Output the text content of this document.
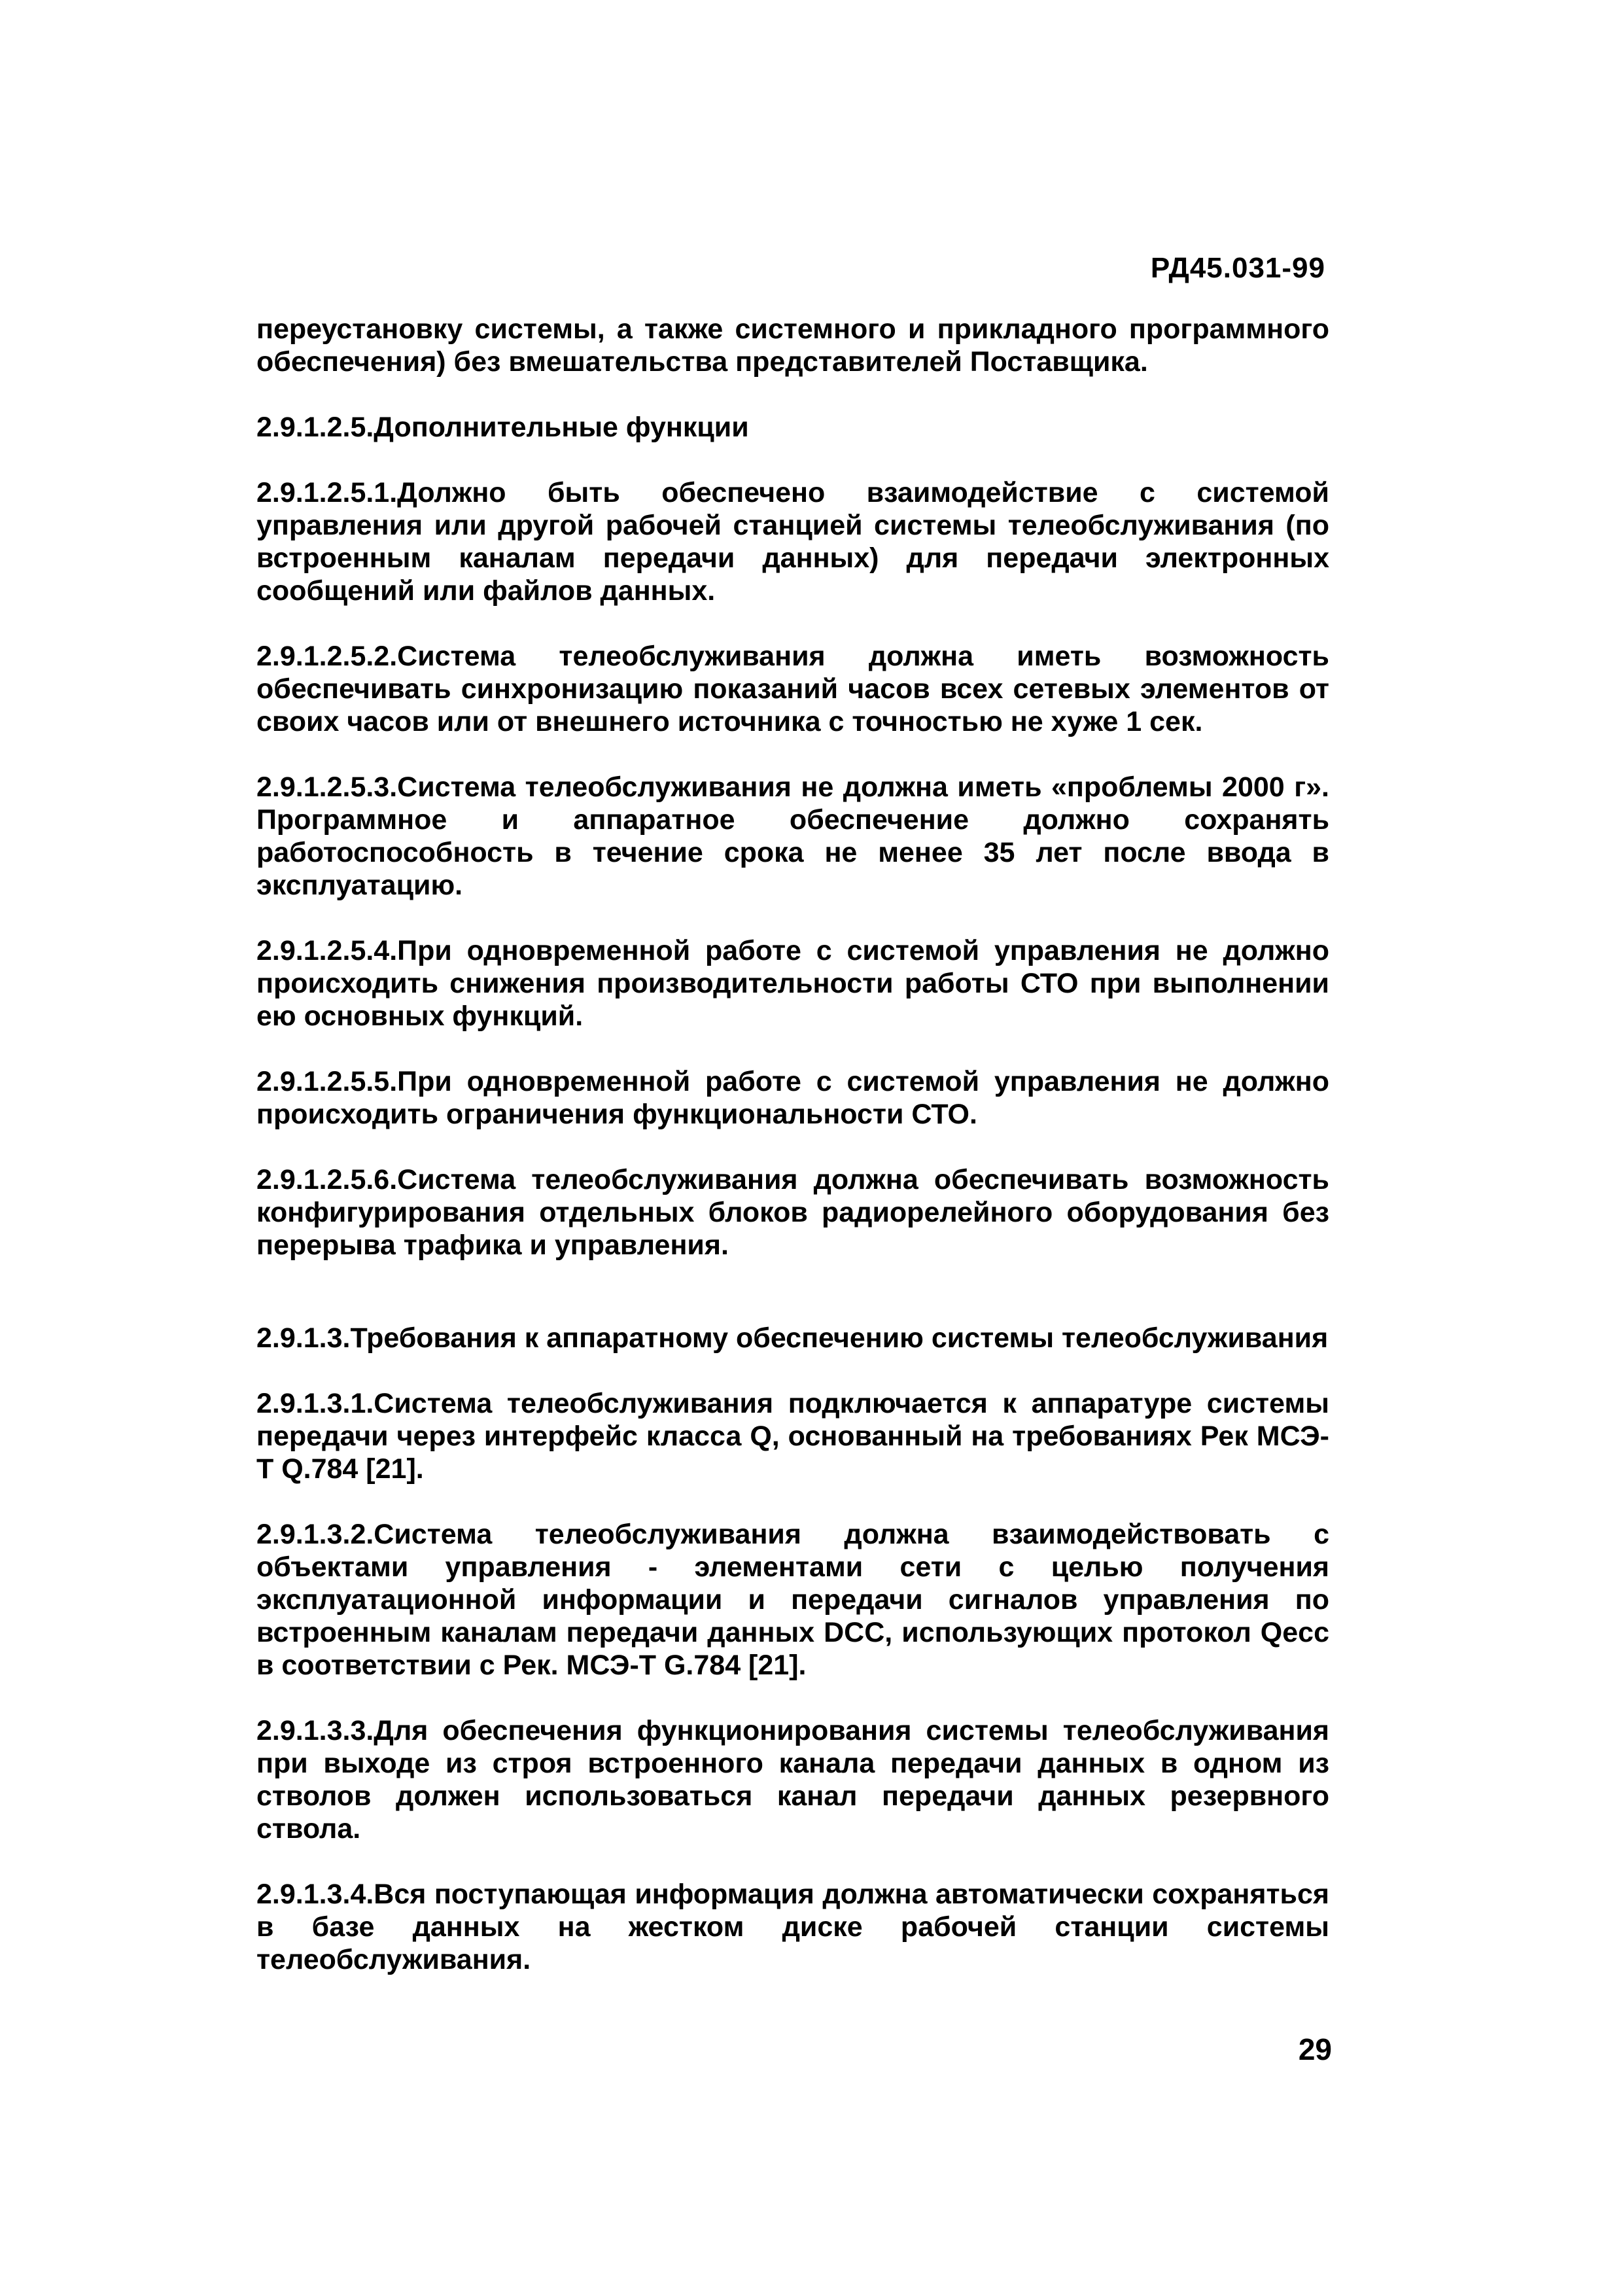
РД45.031-99

переустановку системы, а также системного и прикладного программного обеспечения) без вмешательства представителей Поставщика.

2.9.1.2.5.Дополнительные функции

2.9.1.2.5.1.Должно быть обеспечено взаимодействие с системой управления или другой рабочей станцией системы телеобслуживания (по встроенным каналам передачи данных) для передачи электронных сообщений или файлов данных.

2.9.1.2.5.2.Система телеобслуживания должна иметь возможность обеспечивать синхронизацию показаний часов всех сетевых элементов от своих часов или от внешнего источника с точностью не хуже 1 сек.

2.9.1.2.5.3.Система телеобслуживания не должна иметь «проблемы 2000 г». Программное и аппаратное обеспечение должно сохранять работоспособность в течение срока не менее 35 лет после ввода в эксплуатацию.

2.9.1.2.5.4.При одновременной работе с системой управления не должно происходить снижения производительности работы СТО при выполнении ею основных функций.

2.9.1.2.5.5.При одновременной работе с системой управления не должно происходить ограничения функциональности СТО.

2.9.1.2.5.6.Система телеобслуживания должна обеспечивать возможность конфигурирования отдельных блоков радиорелейного оборудования без перерыва трафика и управления.

2.9.1.3.Требования к аппаратному обеспечению системы телеобслуживания

2.9.1.3.1.Система телеобслуживания подключается к аппаратуре системы передачи через интерфейс класса Q, основанный на требованиях Рек МСЭ-Т Q.784 [21].

2.9.1.3.2.Система телеобслуживания должна взаимодействовать с объектами управления - элементами сети с целью получения эксплуатационной информации и передачи сигналов управления по встроенным каналам передачи данных DCC, использующих протокол Qecc в соответствии с Рек. МСЭ-Т G.784 [21].

2.9.1.3.3.Для обеспечения функционирования системы телеобслуживания при выходе из строя встроенного канала передачи данных в одном из стволов должен использоваться канал передачи данных резервного ствола.

2.9.1.3.4.Вся поступающая информация должна автоматически сохраняться в базе данных на жестком диске рабочей станции системы телеобслуживания.

29
